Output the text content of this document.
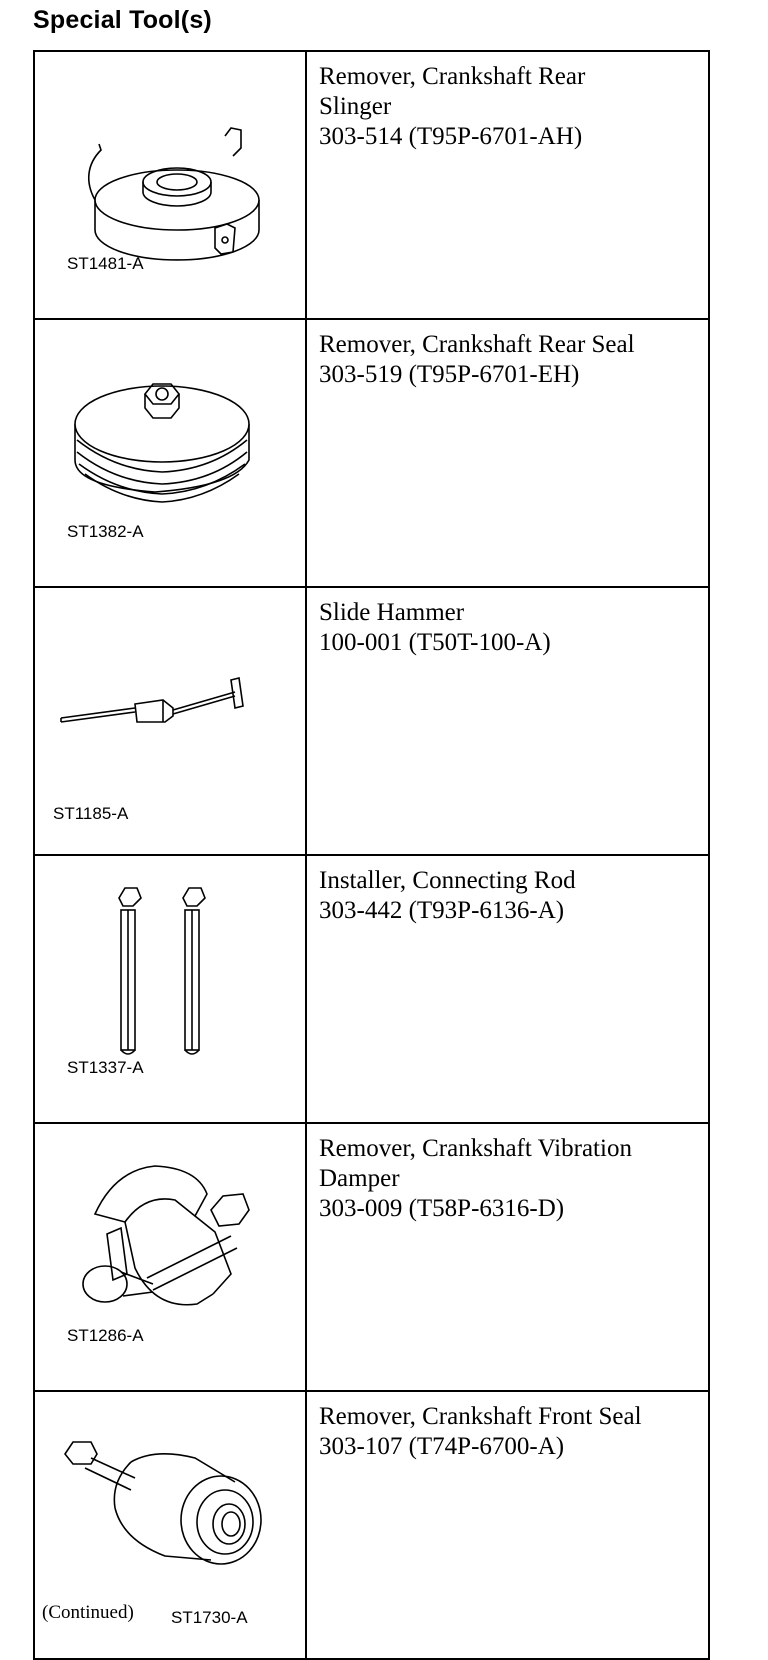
Special Tool(s)
ST1481-A	Remover, Crankshaft Rear
Slinger
303-514 (T95P-6701-AH)

ST1382-A	Remover, Crankshaft Rear Seal
303-519 (T95P-6701-EH)

ST1185-A	Slide Hammer
100-001 (T50T-100-A)

ST1337-A	Installer, Connecting Rod
303-442 (T93P-6136-A)

ST1286-A	Remover, Crankshaft Vibration
Damper
303-009 (T58P-6316-D)

ST1730-A	Remover, Crankshaft Front Seal
303-107 (T74P-6700-A)
(Continued)
